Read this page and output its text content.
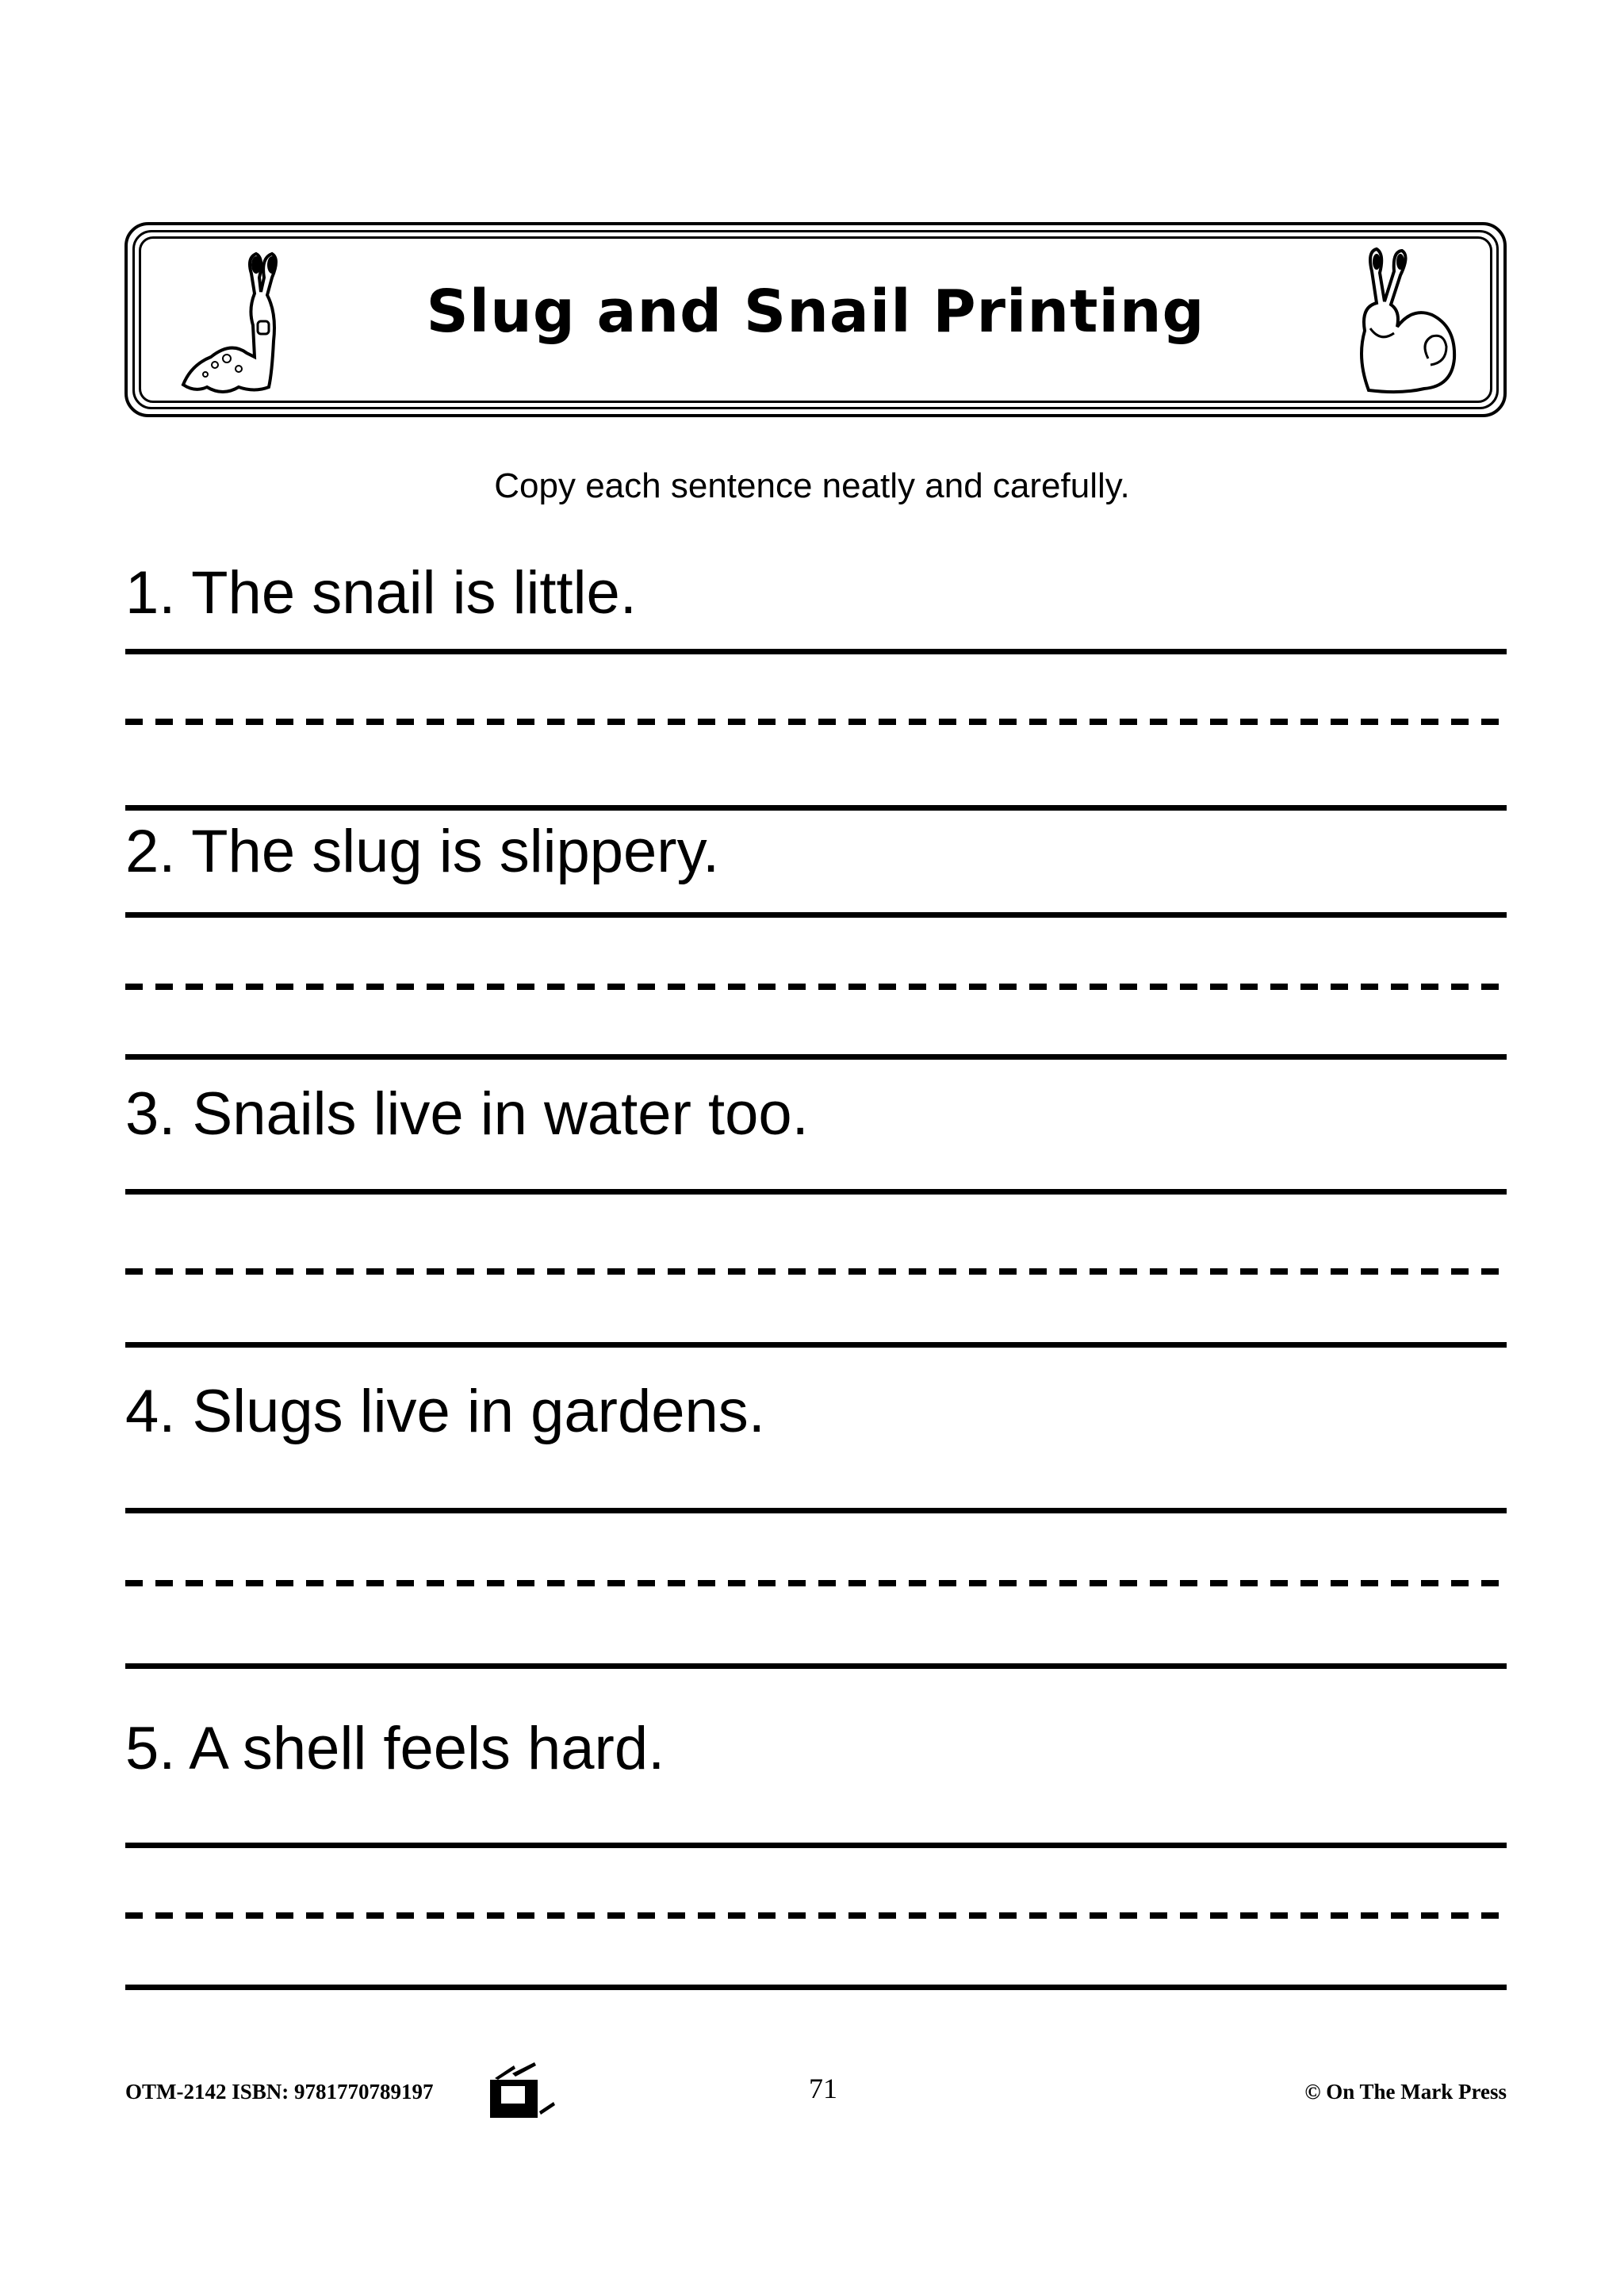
Slug and Snail Printing
Copy each sentence neatly and carefully.
1. The snail is little.
2. The slug is slippery.
3. Snails live in water too.
4. Slugs live in gardens.
5. A shell feels hard.
OTM-2142 ISBN: 9781770789197	71	© On The Mark Press
